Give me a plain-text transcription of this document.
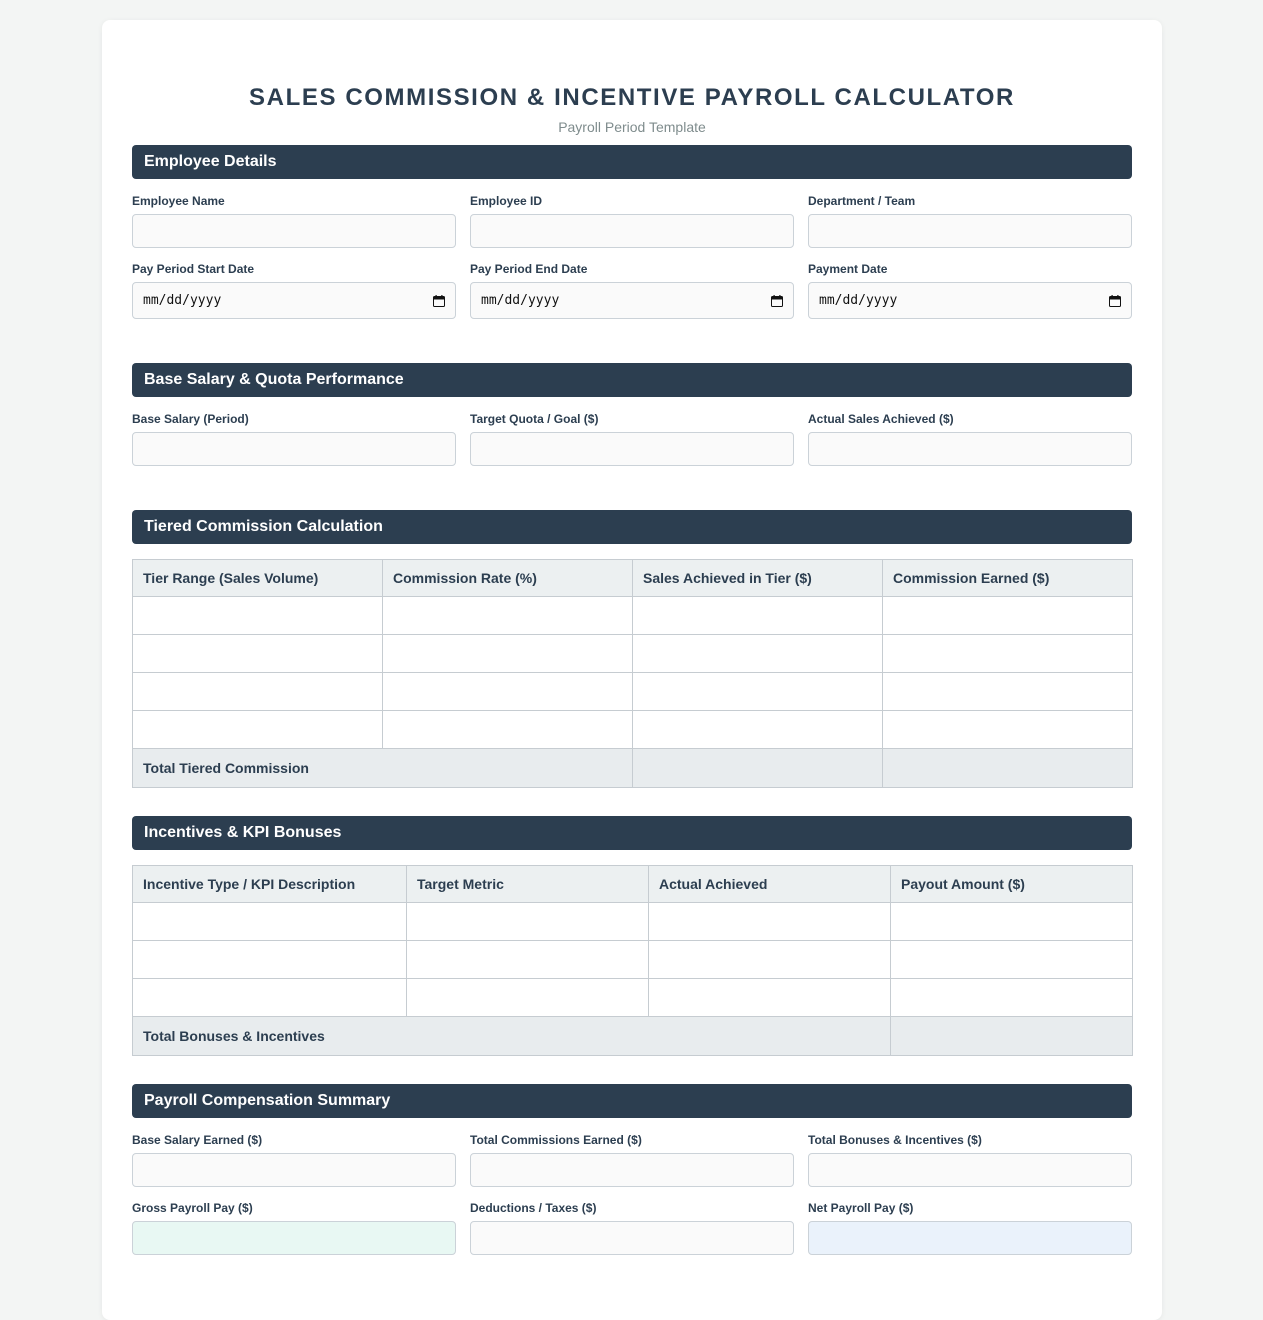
SALES COMMISSION & INCENTIVE PAYROLL CALCULATOR
Payroll Period Template
Employee Details
Employee Name	Employee ID	Department / Team
Pay Period Start Date
mm/dd/yyyy
Pay Period End Date
mm/dd/yyyy
Payment Date
mm/dd/yyyy
Base Salary & Quota Performance
Base Salary (Period)	Target Quota / Goal ($)	Actual Sales Achieved ($)
Tiered Commission Calculation
Tier Range (Sales Volume)	Commission Rate (%)	Sales Achieved in Tier ($)	Commission Earned ($)

Total Tiered Commission			
Incentives & KPI Bonuses
Incentive Type / KPI Description	Target Metric	Actual Achieved	Payout Amount ($)

Total Bonuses & Incentives			
Payroll Compensation Summary
Base Salary Earned ($)	Total Commissions Earned ($)	Total Bonuses & Incentives ($)
Gross Payroll Pay ($)	Deductions / Taxes ($)	Net Payroll Pay ($)
